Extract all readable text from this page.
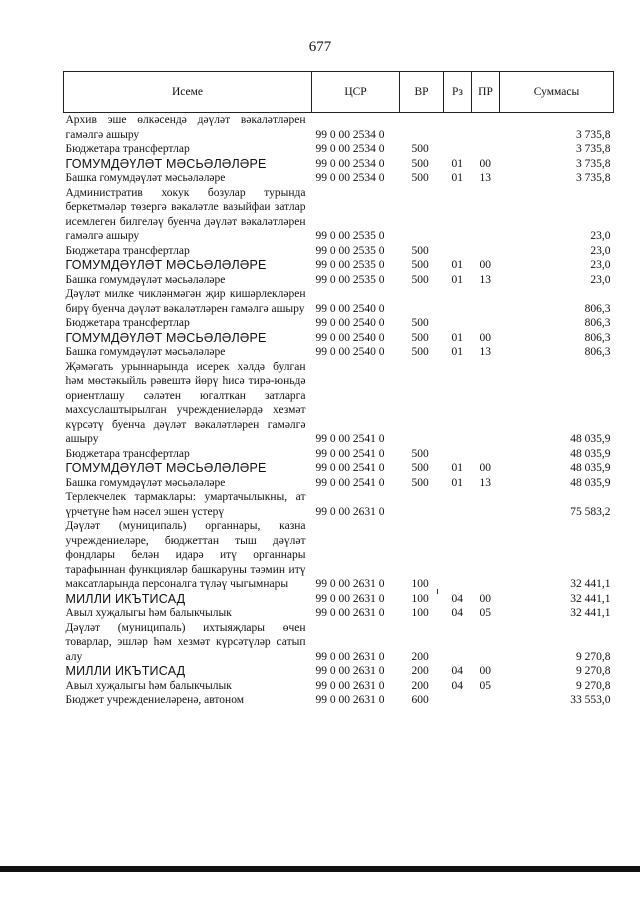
677
Исеме	ЦСР	ВР	Рз	ПР	Суммасы
Архив эше өлкәсендә дәүләт вәкаләтләрен гамәлгә ашыру	99 0 00 2534 0				3 735,8
Бюджетара трансфертлар	99 0 00 2534 0	500			3 735,8
ГОМУМДӘҮЛӘТ МӘСЬӘЛӘЛӘРЕ	99 0 00 2534 0	500	01	00	3 735,8
Башка гомумдәүләт мәсьәләләре	99 0 00 2534 0	500	01	13	3 735,8
Административ хокук бозулар турында беркетмәләр төзергә вәкаләтле вазыйфаи затлар исемлеген билгеләү буенча дәүләт вәкаләтләрен гамәлгә ашыру	99 0 00 2535 0				23,0
Бюджетара трансфертлар	99 0 00 2535 0	500			23,0
ГОМУМДӘҮЛӘТ МӘСЬӘЛӘЛӘРЕ	99 0 00 2535 0	500	01	00	23,0
Башка гомумдәүләт мәсьәләләре	99 0 00 2535 0	500	01	13	23,0
Дәүләт милке чикләнмәгән җир кишәрлекләрен бирү буенча дәүләт вәкаләтләрен гамәлгә ашыру	99 0 00 2540 0				806,3
Бюджетара трансфертлар	99 0 00 2540 0	500			806,3
ГОМУМДӘҮЛӘТ МӘСЬӘЛӘЛӘРЕ	99 0 00 2540 0	500	01	00	806,3
Башка гомумдәүләт мәсьәләләре	99 0 00 2540 0	500	01	13	806,3
Җәмәгать урыннарында исерек хәлдә булган һәм мөстәкыйль рәвештә йөрү һисә тирә-юньдә ориентлашу сәләтен югалткан затларга махсуслаштырылган учреждениеләрдә хезмәт күрсәтү буенча дәүләт вәкаләтләрен гамәлгә ашыру	99 0 00 2541 0				48 035,9
Бюджетара трансфертлар	99 0 00 2541 0	500			48 035,9
ГОМУМДӘҮЛӘТ МӘСЬӘЛӘЛӘРЕ	99 0 00 2541 0	500	01	00	48 035,9
Башка гомумдәүләт мәсьәләләре	99 0 00 2541 0	500	01	13	48 035,9
Терлекчелек тармаклары: умартачылыкны, ат үрчетүне һәм нәсел эшен үстерү	99 0 00 2631 0				75 583,2
Дәүләт (муниципаль) органнары, казна учреждениеләре, бюджеттан тыш дәүләт фондлары белән идарә итү органнары тарафыннан функцияләр башкаруны тәэмин итү максатларында персоналга түләү чыгымнары	99 0 00 2631 0	100			32 441,1
МИЛЛИ ИКЪТИСАД	99 0 00 2631 0	100	04	00	32 441,1
Авыл хуҗалыгы һәм балыкчылык	99 0 00 2631 0	100	04	05	32 441,1
Дәүләт (муниципаль) ихтыяҗлары өчен товарлар, эшләр һәм хезмәт күрсәтүләр сатып алу	99 0 00 2631 0	200			9 270,8
МИЛЛИ ИКЪТИСАД	99 0 00 2631 0	200	04	00	9 270,8
Авыл хуҗалыгы һәм балыкчылык	99 0 00 2631 0	200	04	05	9 270,8
Бюджет учреждениеләренә, автоном	99 0 00 2631 0	600			33 553,0
